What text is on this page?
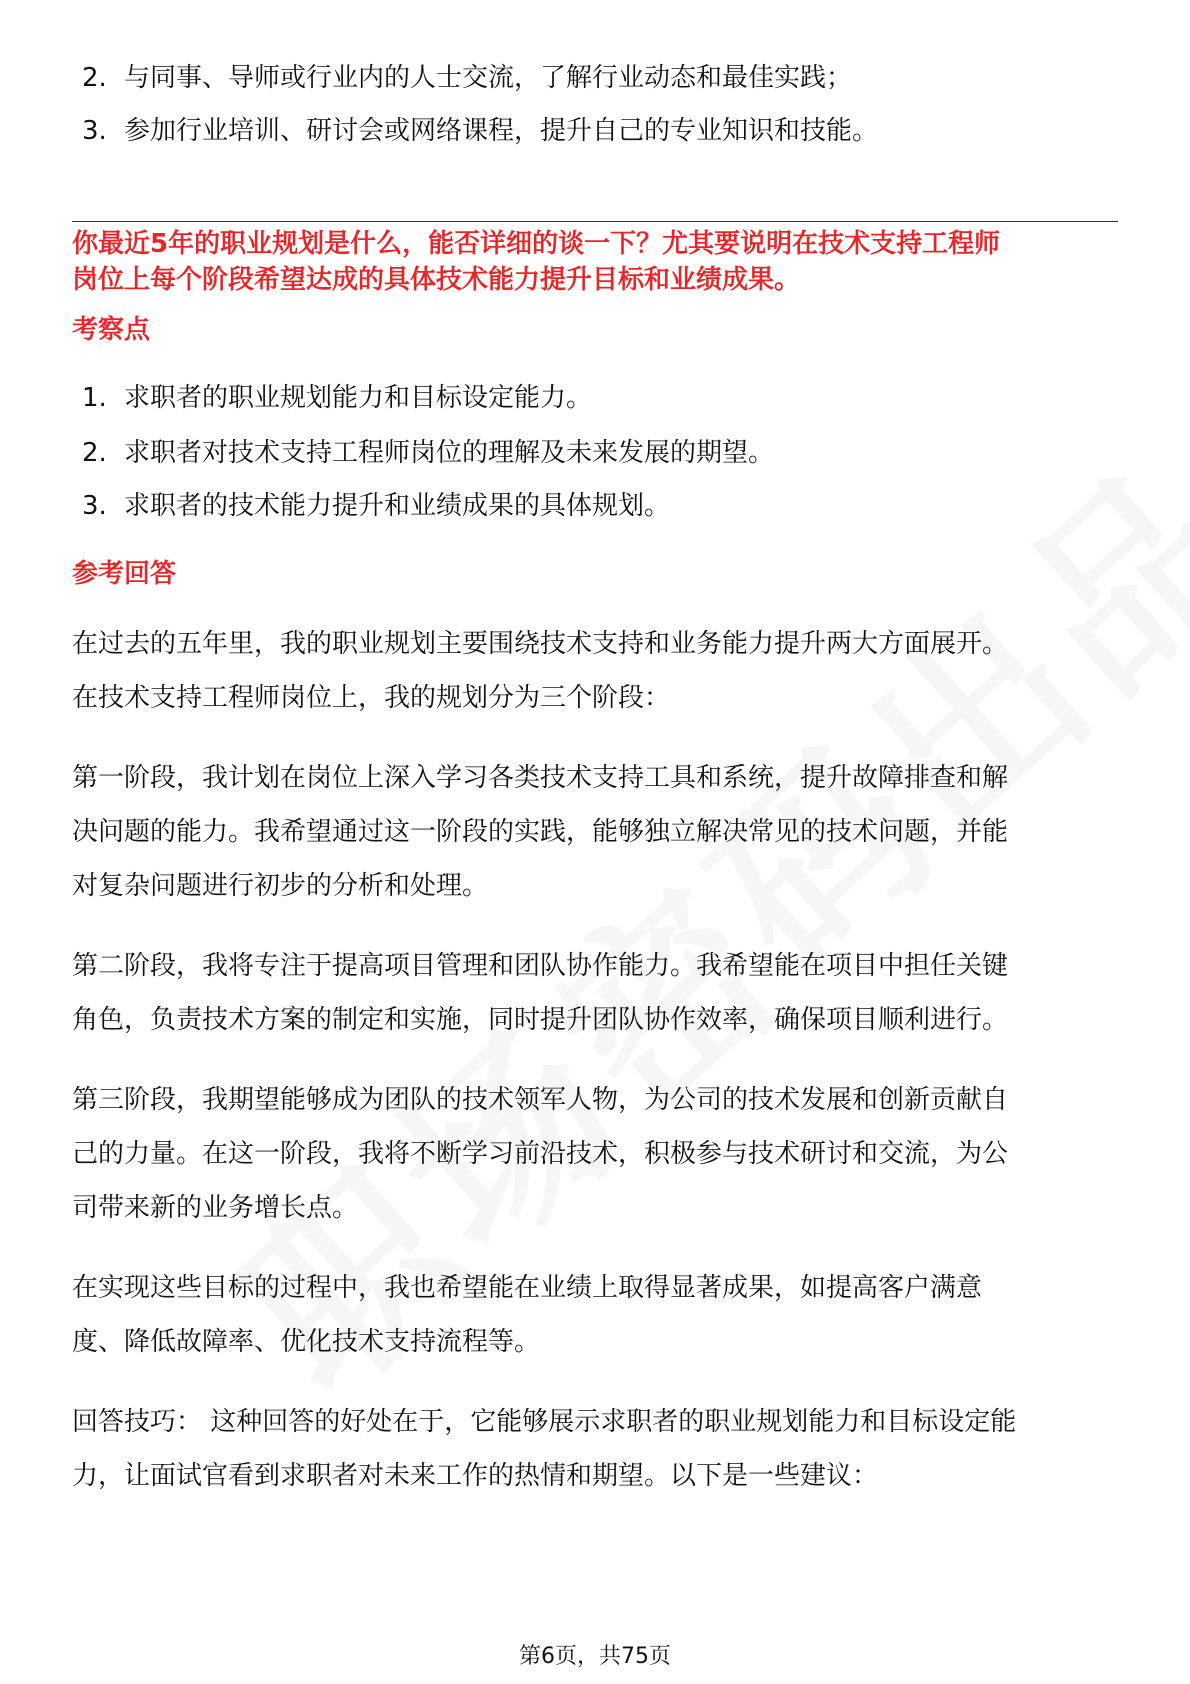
2. 与同事、导师或行业内的人士交流，了解行业动态和最佳实践；
3. 参加行业培训、研讨会或网络课程，提升自己的专业知识和技能。
你最近5年的职业规划是什么，能否详细的谈一下？尤其要说明在技术支持工程师
岗位上每个阶段希望达成的具体技术能力提升目标和业绩成果。
考察点
1. 求职者的职业规划能力和目标设定能力。
2. 求职者对技术支持工程师岗位的理解及未来发展的期望。
3. 求职者的技术能力提升和业绩成果的具体规划。
参考回答
在过去的五年里，我的职业规划主要围绕技术支持和业务能力提升两大方面展开。
在技术支持工程师岗位上，我的规划分为三个阶段：
第一阶段，我计划在岗位上深入学习各类技术支持工具和系统，提升故障排查和解
决问题的能力。我希望通过这一阶段的实践，能够独立解决常见的技术问题，并能
对复杂问题进行初步的分析和处理。
第二阶段，我将专注于提高项目管理和团队协作能力。我希望能在项目中担任关键
角色，负责技术方案的制定和实施，同时提升团队协作效率，确保项目顺利进行。
第三阶段，我期望能够成为团队的技术领军人物，为公司的技术发展和创新贡献自
己的力量。在这一阶段，我将不断学习前沿技术，积极参与技术研讨和交流，为公
司带来新的业务增长点。
在实现这些目标的过程中，我也希望能在业绩上取得显著成果，如提高客户满意
度、降低故障率、优化技术支持流程等。
回答技巧： 这种回答的好处在于，它能够展示求职者的职业规划能力和目标设定能
力，让面试官看到求职者对未来工作的热情和期望。以下是一些建议：
第6页，共75页
